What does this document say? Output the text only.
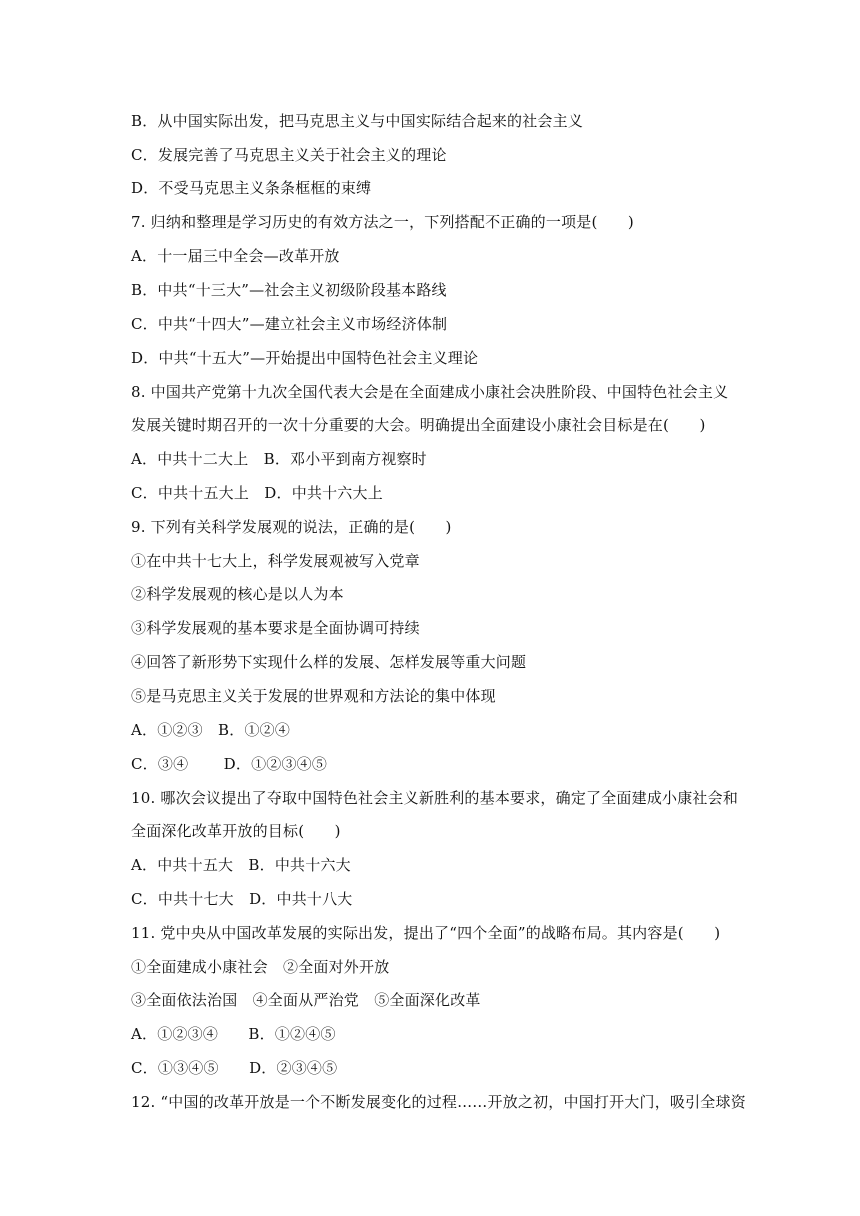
B．从中国实际出发，把马克思主义与中国实际结合起来的社会主义
C．发展完善了马克思主义关于社会主义的理论
D．不受马克思主义条条框框的束缚
7. 归纳和整理是学习历史的有效方法之一，下列搭配不正确的一项是(　　)
A．十一届三中全会—改革开放
B．中共“十三大”—社会主义初级阶段基本路线
C．中共“十四大”—建立社会主义市场经济体制
D．中共“十五大”—开始提出中国特色社会主义理论
8. 中国共产党第十九次全国代表大会是在全面建成小康社会决胜阶段、中国特色社会主义
发展关键时期召开的一次十分重要的大会。明确提出全面建设小康社会目标是在(　　)
A．中共十二大上　B．邓小平到南方视察时
C．中共十五大上　D．中共十六大上
9. 下列有关科学发展观的说法，正确的是(　　)
①在中共十七大上，科学发展观被写入党章
②科学发展观的核心是以人为本
③科学发展观的基本要求是全面协调可持续
④回答了新形势下实现什么样的发展、怎样发展等重大问题
⑤是马克思主义关于发展的世界观和方法论的集中体现
A．①②③　B．①②④
C．③④　　 D．①②③④⑤
10. 哪次会议提出了夺取中国特色社会主义新胜利的基本要求，确定了全面建成小康社会和
全面深化改革开放的目标(　　)
A．中共十五大　B．中共十六大
C．中共十七大　D．中共十八大
11. 党中央从中国改革发展的实际出发，提出了“四个全面”的战略布局。其内容是(　　)
①全面建成小康社会　②全面对外开放
③全面依法治国　④全面从严治党　⑤全面深化改革
A．①②③④　　B．①②④⑤
C．①③④⑤　　D．②③④⑤
12. “中国的改革开放是一个不断发展变化的过程……开放之初，中国打开大门，吸引全球资
